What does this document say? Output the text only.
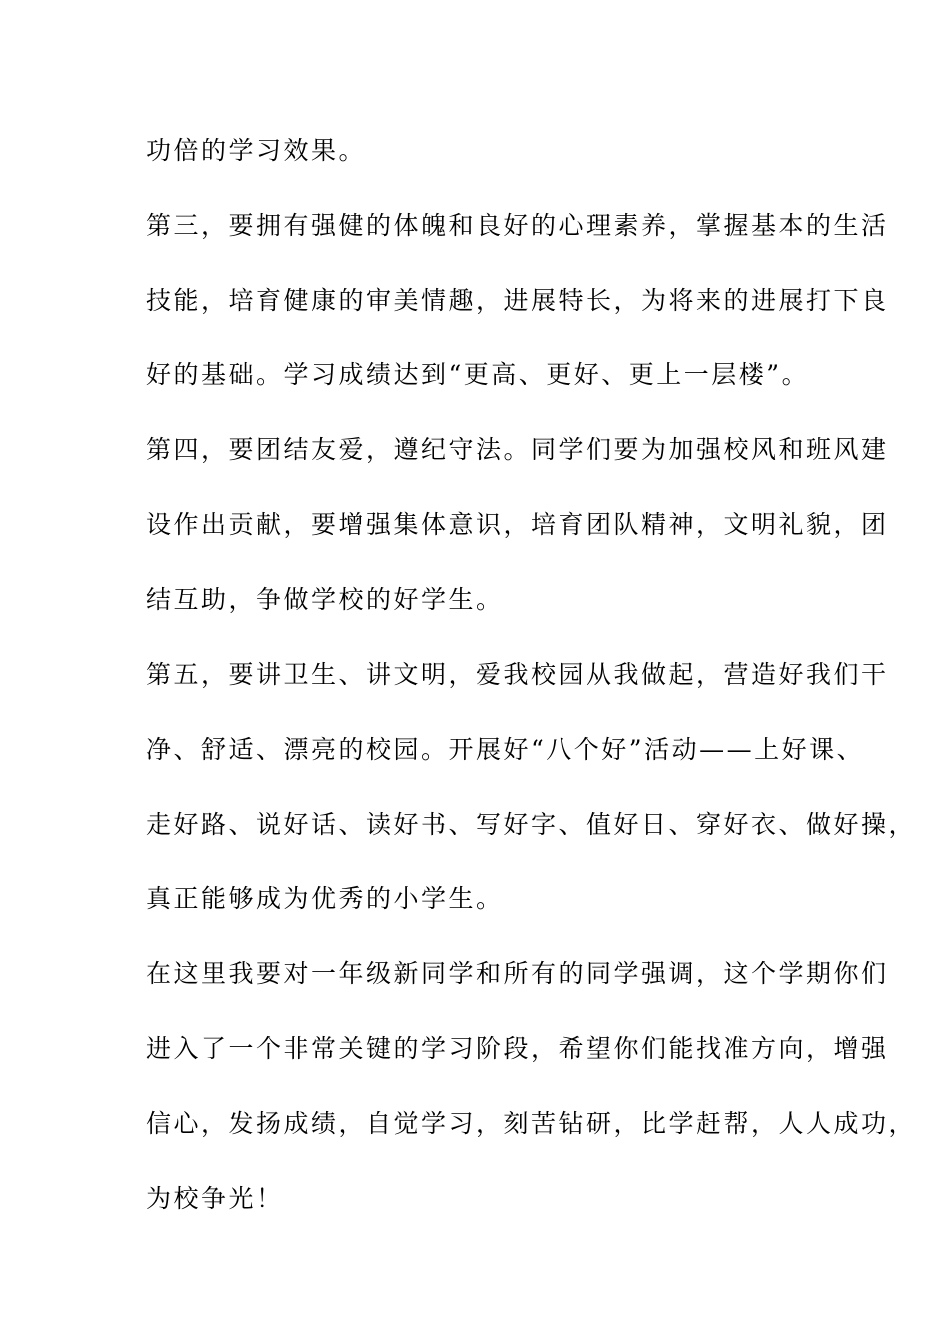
功倍的学习效果。
第三，要拥有强健的体魄和良好的心理素养，掌握基本的生活
技能，培育健康的审美情趣，进展特长，为将来的进展打下良
好的基础。学习成绩达到“更高、更好、更上一层楼”。
第四，要团结友爱，遵纪守法。同学们要为加强校风和班风建
设作出贡献，要增强集体意识，培育团队精神，文明礼貌，团
结互助，争做学校的好学生。
第五，要讲卫生、讲文明，爱我校园从我做起，营造好我们干
净、舒适、漂亮的校园。开展好“八个好”活动——上好课、
走好路、说好话、读好书、写好字、值好日、穿好衣、做好操，
真正能够成为优秀的小学生。
在这里我要对一年级新同学和所有的同学强调，这个学期你们
进入了一个非常关键的学习阶段，希望你们能找准方向，增强
信心，发扬成绩，自觉学习，刻苦钻研，比学赶帮，人人成功，
为校争光！
